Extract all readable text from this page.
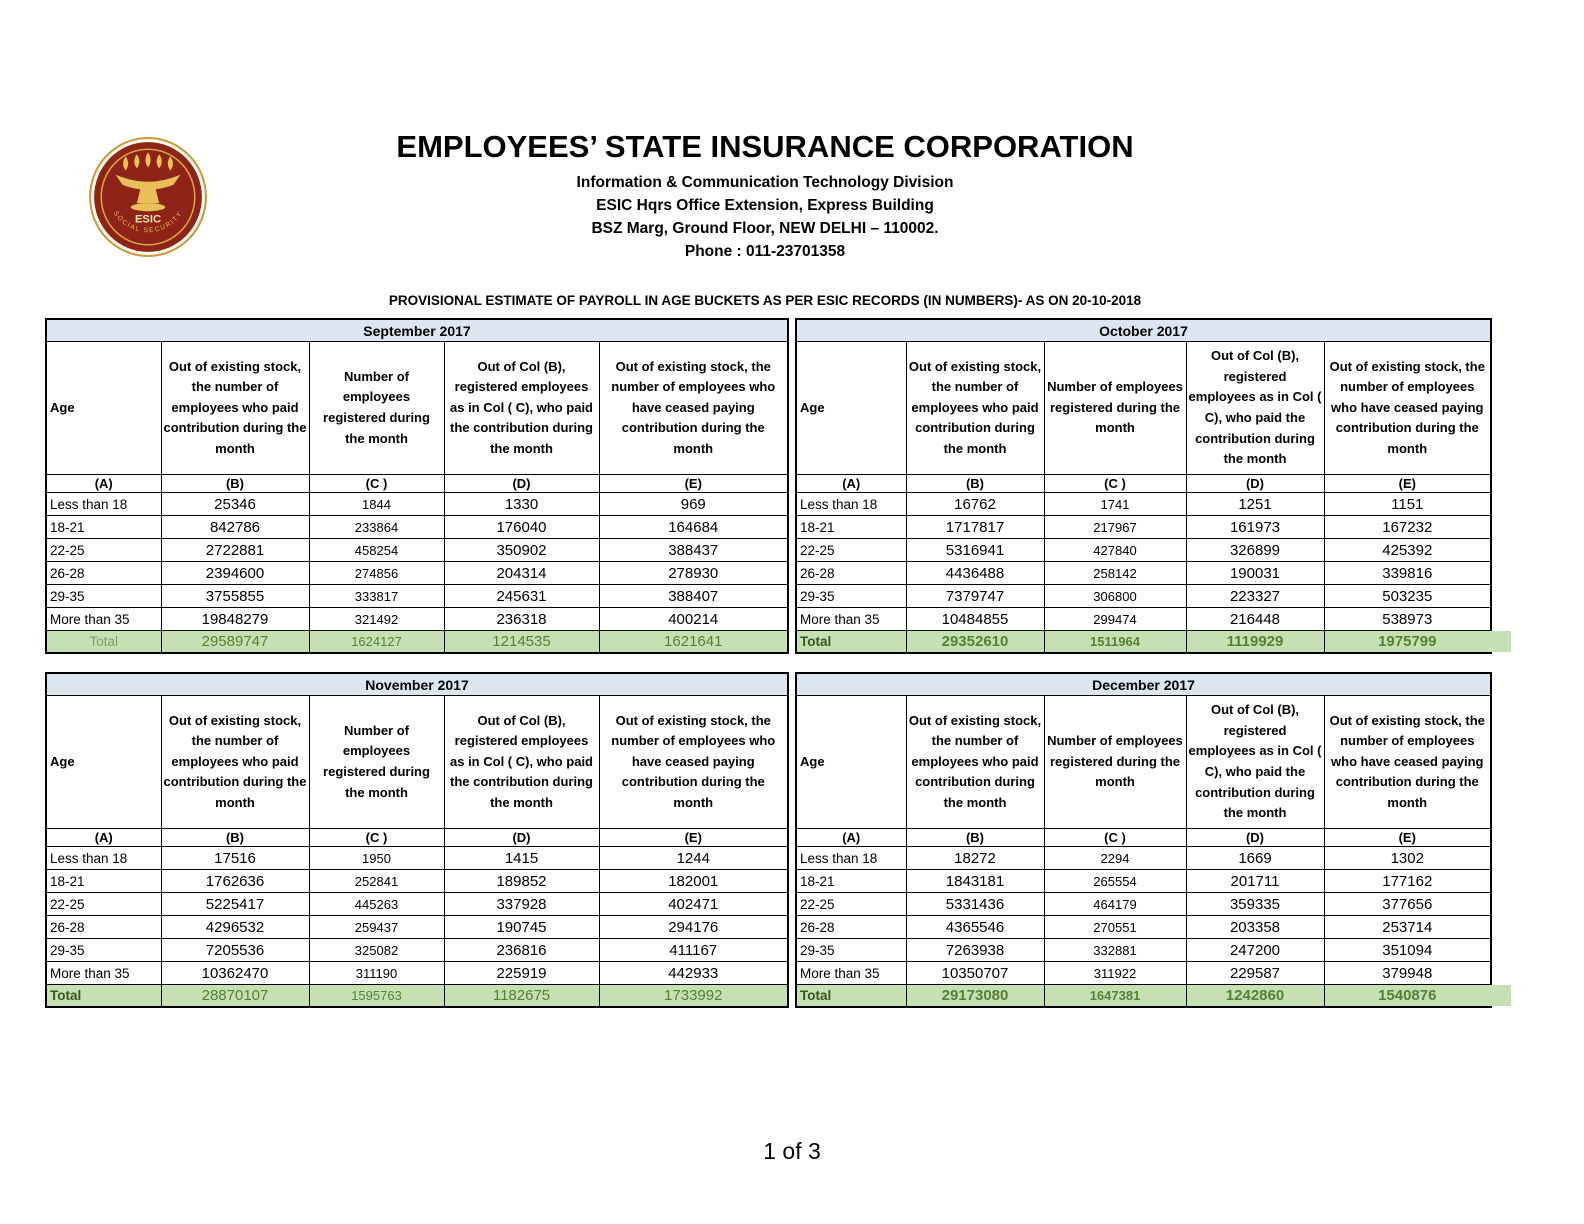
ESIC
SOCIAL SECURITY
EMPLOYEES’ STATE INSURANCE CORPORATION
Information & Communication Technology Division
ESIC Hqrs Office Extension, Express Building
BSZ Marg, Ground Floor, NEW DELHI – 110002.
Phone : 011-23701358
PROVISIONAL ESTIMATE OF PAYROLL IN AGE BUCKETS AS PER ESIC RECORDS (IN NUMBERS)- AS ON 20-10-2018
September 2017				
Age	Out of existing stock, the number of employees who paid contribution during the month	Number of employees registered during the month	Out of Col (B), registered employees as in Col ( C), who paid the contribution during the month	Out of existing stock, the number of employees who have ceased paying contribution during the month
(A)	(B)	(C )	(D)	(E)
Less than 18	25346	1844	1330	969
18-21	842786	233864	176040	164684
22-25	2722881	458254	350902	388437
26-28	2394600	274856	204314	278930
29-35	3755855	333817	245631	388407
More than 35	19848279	321492	236318	400214
Total	29589747	1624127	1214535	1621641
October 2017				
Age	Out of existing stock, the number of employees who paid contribution during the month	Number of employees registered during the month	Out of Col (B), registered employees as in Col ( C), who paid the contribution during the month	Out of existing stock, the number of employees who have ceased paying contribution during the month
(A)	(B)	(C )	(D)	(E)
Less than 18	16762	1741	1251	1151
18-21	1717817	217967	161973	167232
22-25	5316941	427840	326899	425392
26-28	4436488	258142	190031	339816
29-35	7379747	306800	223327	503235
More than 35	10484855	299474	216448	538973
Total	29352610	1511964	1119929	1975799
November 2017				
Age	Out of existing stock, the number of employees who paid contribution during the month	Number of employees registered during the month	Out of Col (B), registered employees as in Col ( C), who paid the contribution during the month	Out of existing stock, the number of employees who have ceased paying contribution during the month
(A)	(B)	(C )	(D)	(E)
Less than 18	17516	1950	1415	1244
18-21	1762636	252841	189852	182001
22-25	5225417	445263	337928	402471
26-28	4296532	259437	190745	294176
29-35	7205536	325082	236816	411167
More than 35	10362470	311190	225919	442933
Total	28870107	1595763	1182675	1733992
December 2017				
Age	Out of existing stock, the number of employees who paid contribution during the month	Number of employees registered during the month	Out of Col (B), registered employees as in Col ( C), who paid the contribution during the month	Out of existing stock, the number of employees who have ceased paying contribution during the month
(A)	(B)	(C )	(D)	(E)
Less than 18	18272	2294	1669	1302
18-21	1843181	265554	201711	177162
22-25	5331436	464179	359335	377656
26-28	4365546	270551	203358	253714
29-35	7263938	332881	247200	351094
More than 35	10350707	311922	229587	379948
Total	29173080	1647381	1242860	1540876
1 of 3
